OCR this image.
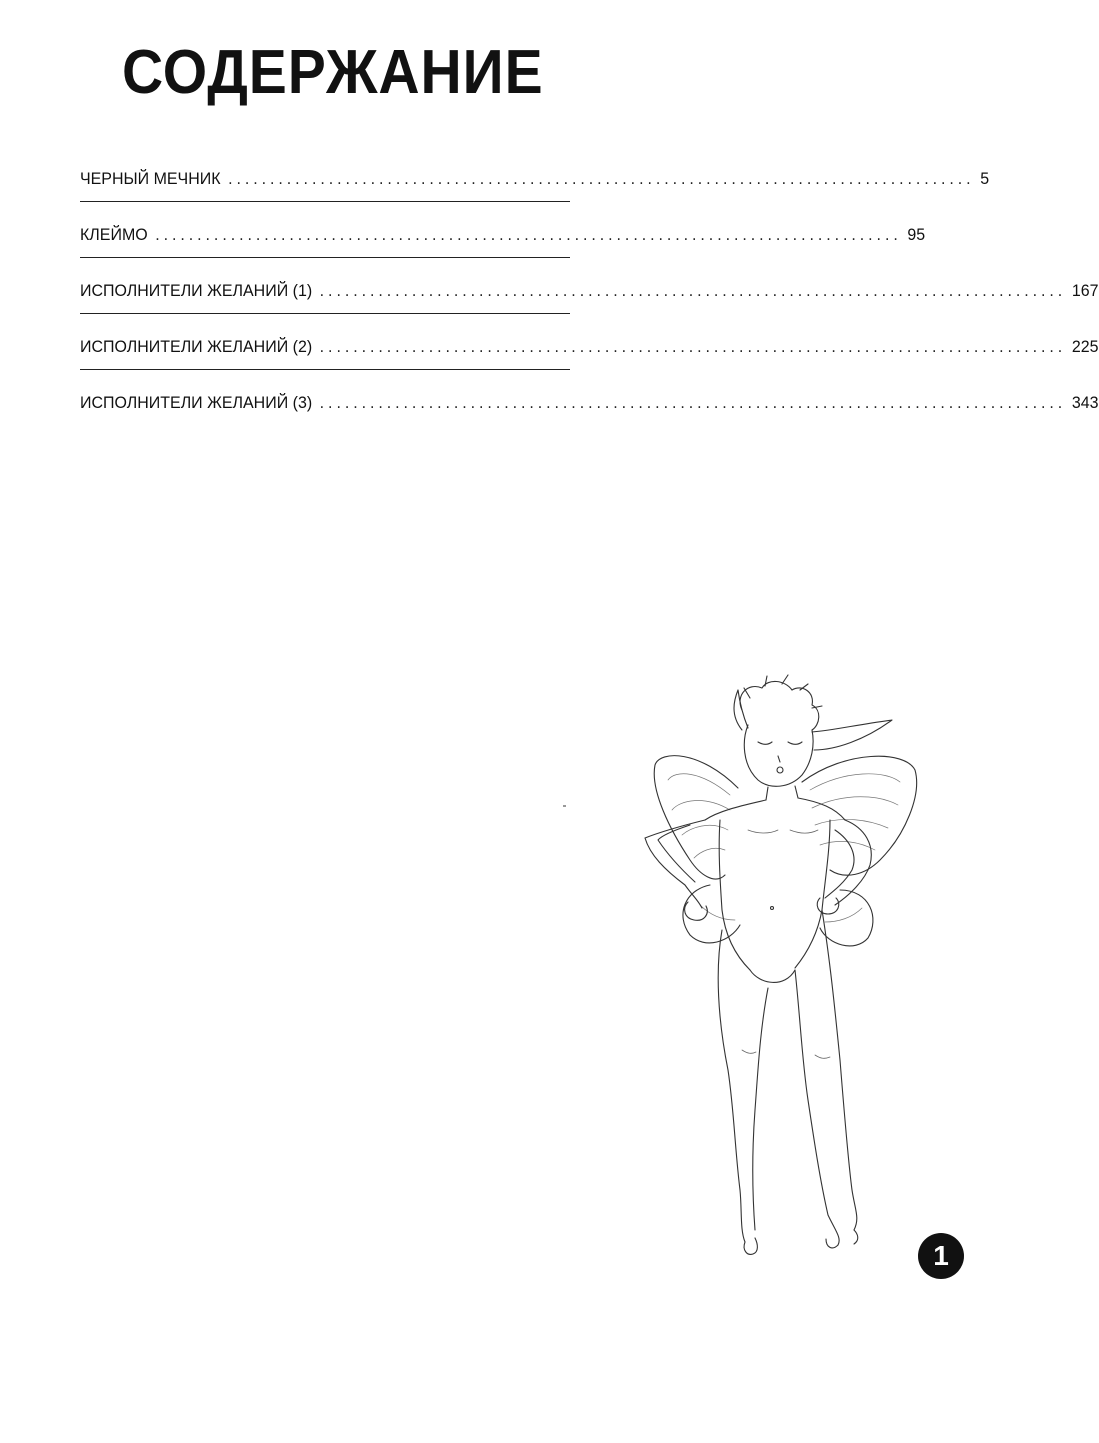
СОДЕРЖАНИЕ
ЧЕРНЫЙ МЕЧНИК ......................................................................................... 5
КЛЕЙМО ......................................................................................... 95
ИСПОЛНИТЕЛИ ЖЕЛАНИЙ (1) ......................................................................................... 167
ИСПОЛНИТЕЛИ ЖЕЛАНИЙ (2) ......................................................................................... 225
ИСПОЛНИТЕЛИ ЖЕЛАНИЙ (3) ......................................................................................... 343
1
